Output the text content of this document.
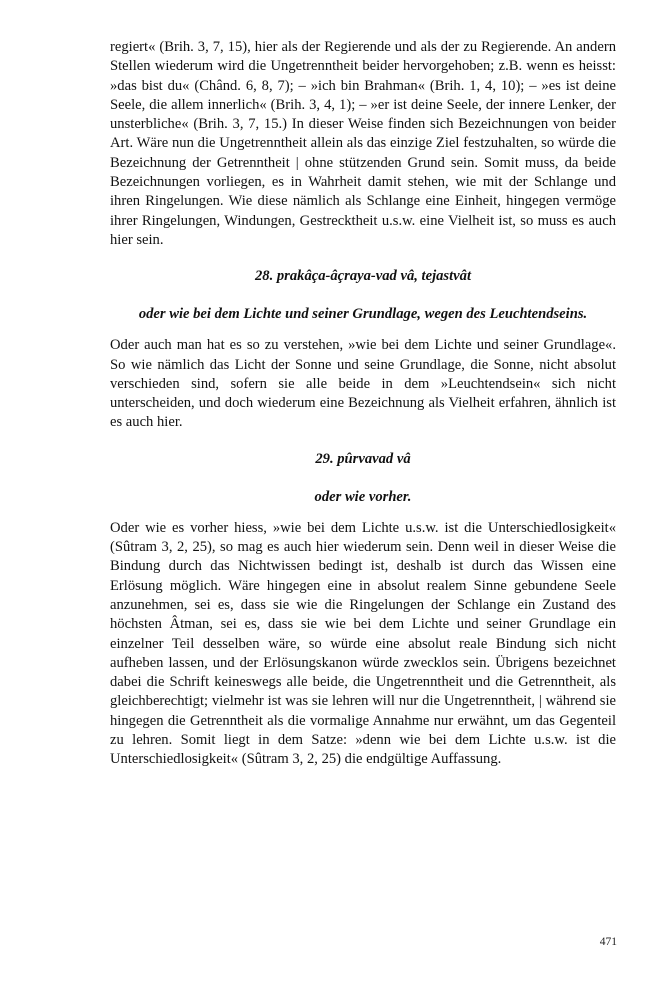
regiert« (Brih. 3, 7, 15), hier als der Regierende und als der zu Regierende. An andern Stellen wiederum wird die Ungetrenntheit beider hervorgehoben; z.B. wenn es heisst: »das bist du« (Chând. 6, 8, 7); – »ich bin Brahman« (Brih. 1, 4, 10); – »es ist deine Seele, die allem innerlich« (Brih. 3, 4, 1); – »er ist deine Seele, der innere Lenker, der unsterbliche« (Brih. 3, 7, 15.) In dieser Weise finden sich Bezeichnungen von beider Art. Wäre nun die Ungetrenntheit allein als das einzige Ziel festzuhalten, so würde die Bezeichnung der Getrenntheit | ohne stützenden Grund sein. Somit muss, da beide Bezeichnungen vorliegen, es in Wahrheit damit stehen, wie mit der Schlange und ihren Ringelungen. Wie diese nämlich als Schlange eine Einheit, hingegen vermöge ihrer Ringelungen, Windungen, Gestrecktheit u.s.w. eine Vielheit ist, so muss es auch hier sein.

28. prakâça-âçraya-vad vâ, tejastvât

oder wie bei dem Lichte und seiner Grundlage, wegen des Leuchtendseins.

Oder auch man hat es so zu verstehen, »wie bei dem Lichte und seiner Grundlage«. So wie nämlich das Licht der Sonne und seine Grundlage, die Sonne, nicht absolut verschieden sind, sofern sie alle beide in dem »Leuchtendsein« sich nicht unterscheiden, und doch wiederum eine Bezeichnung als Vielheit erfahren, ähnlich ist es auch hier.

29. pûrvavad vâ

oder wie vorher.

Oder wie es vorher hiess, »wie bei dem Lichte u.s.w. ist die Unterschiedlosigkeit« (Sûtram 3, 2, 25), so mag es auch hier wiederum sein. Denn weil in dieser Weise die Bindung durch das Nichtwissen bedingt ist, deshalb ist durch das Wissen eine Erlösung möglich. Wäre hingegen eine in absolut realem Sinne gebundene Seele anzunehmen, sei es, dass sie wie die Ringelungen der Schlange ein Zustand des höchsten Âtman, sei es, dass sie wie bei dem Lichte und seiner Grundlage ein einzelner Teil desselben wäre, so würde eine absolut reale Bindung sich nicht aufheben lassen, und der Erlösungskanon würde zwecklos sein. Übrigens bezeichnet dabei die Schrift keineswegs alle beide, die Ungetrenntheit und die Getrenntheit, als gleichberechtigt; vielmehr ist was sie lehren will nur die Ungetrenntheit, | während sie hingegen die Getrenntheit als die vormalige Annahme nur erwähnt, um das Gegenteil zu lehren. Somit liegt in dem Satze: »denn wie bei dem Lichte u.s.w. ist die Unterschiedlosigkeit« (Sûtram 3, 2, 25) die endgültige Auffassung.

471
